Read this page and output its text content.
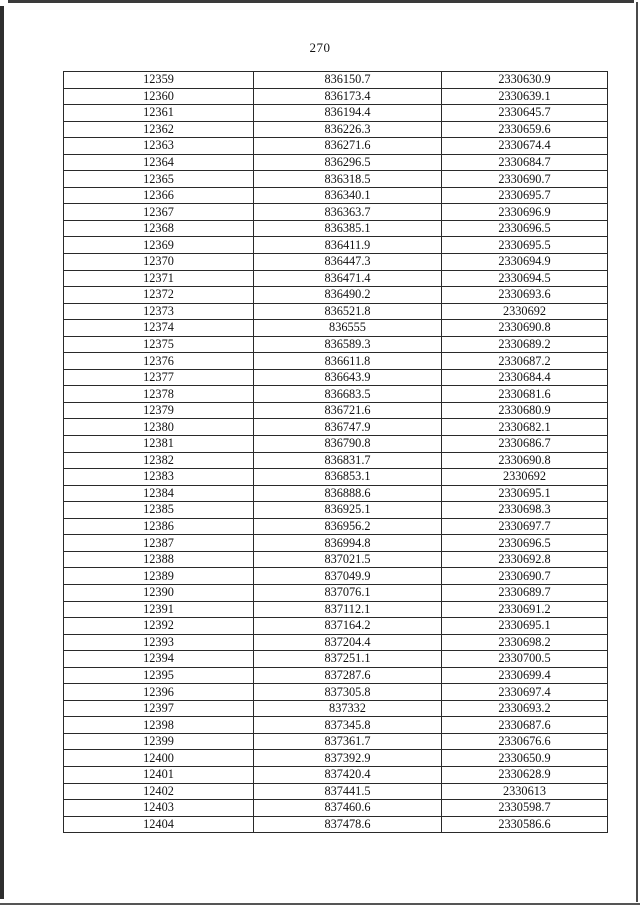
270
12359	836150.7	2330630.9
12360	836173.4	2330639.1
12361	836194.4	2330645.7
12362	836226.3	2330659.6
12363	836271.6	2330674.4
12364	836296.5	2330684.7
12365	836318.5	2330690.7
12366	836340.1	2330695.7
12367	836363.7	2330696.9
12368	836385.1	2330696.5
12369	836411.9	2330695.5
12370	836447.3	2330694.9
12371	836471.4	2330694.5
12372	836490.2	2330693.6
12373	836521.8	2330692
12374	836555	2330690.8
12375	836589.3	2330689.2
12376	836611.8	2330687.2
12377	836643.9	2330684.4
12378	836683.5	2330681.6
12379	836721.6	2330680.9
12380	836747.9	2330682.1
12381	836790.8	2330686.7
12382	836831.7	2330690.8
12383	836853.1	2330692
12384	836888.6	2330695.1
12385	836925.1	2330698.3
12386	836956.2	2330697.7
12387	836994.8	2330696.5
12388	837021.5	2330692.8
12389	837049.9	2330690.7
12390	837076.1	2330689.7
12391	837112.1	2330691.2
12392	837164.2	2330695.1
12393	837204.4	2330698.2
12394	837251.1	2330700.5
12395	837287.6	2330699.4
12396	837305.8	2330697.4
12397	837332	2330693.2
12398	837345.8	2330687.6
12399	837361.7	2330676.6
12400	837392.9	2330650.9
12401	837420.4	2330628.9
12402	837441.5	2330613
12403	837460.6	2330598.7
12404	837478.6	2330586.6
